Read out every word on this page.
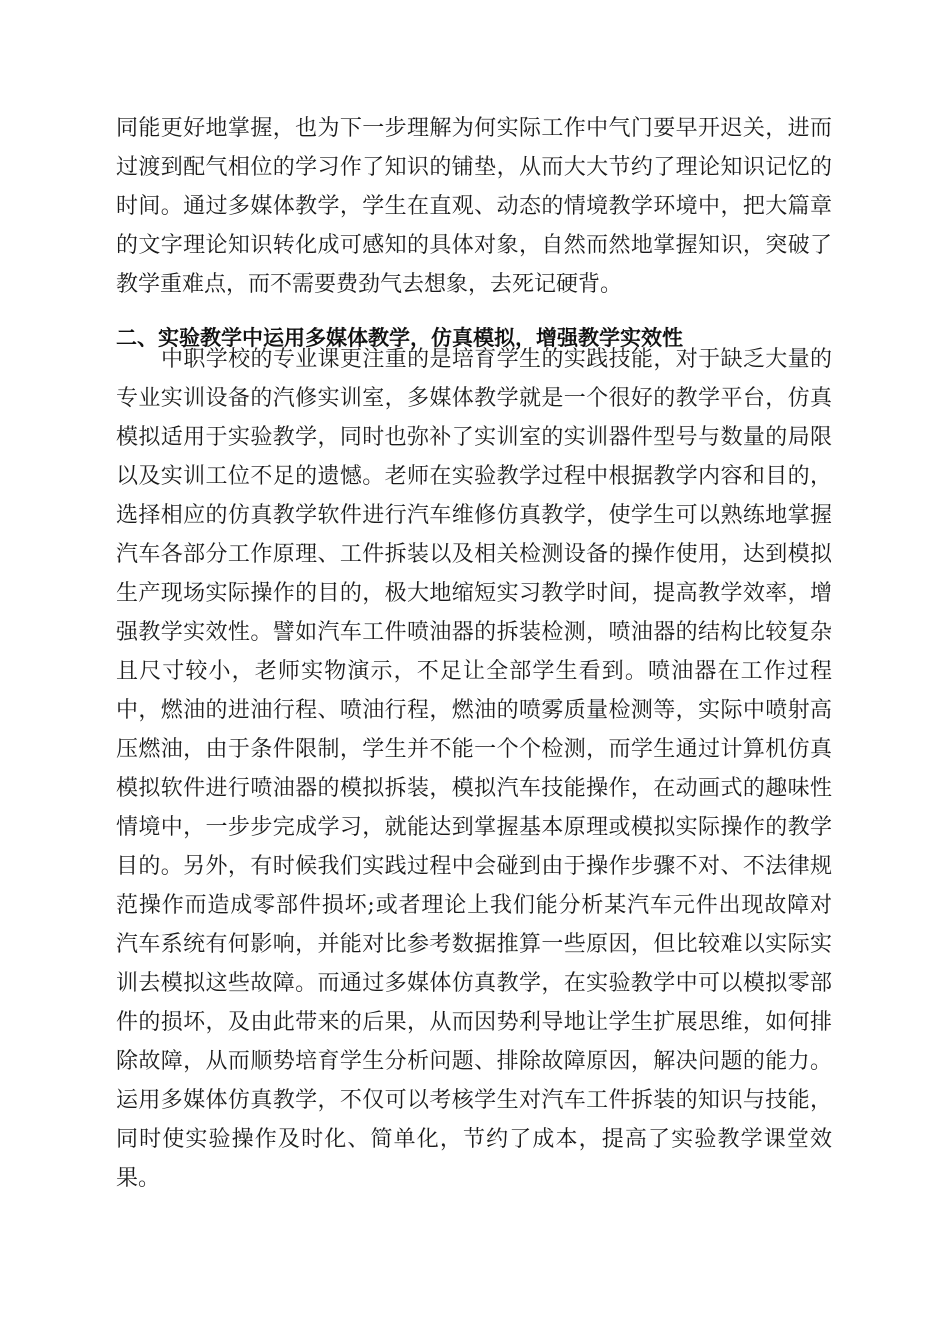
同能更好地掌握，也为下一步理解为何实际工作中气门要早开迟关，进而
过渡到配气相位的学习作了知识的铺垫，从而大大节约了理论知识记忆的
时间。通过多媒体教学，学生在直观、动态的情境教学环境中，把大篇章
的文字理论知识转化成可感知的具体对象，自然而然地掌握知识，突破了
教学重难点，而不需要费劲气去想象，去死记硬背。
二、实验教学中运用多媒体教学，仿真模拟，增强教学实效性
中职学校的专业课更注重的是培育学生的实践技能，对于缺乏大量的
专业实训设备的汽修实训室，多媒体教学就是一个很好的教学平台，仿真
模拟适用于实验教学，同时也弥补了实训室的实训器件型号与数量的局限
以及实训工位不足的遗憾。老师在实验教学过程中根据教学内容和目的，
选择相应的仿真教学软件进行汽车维修仿真教学，使学生可以熟练地掌握
汽车各部分工作原理、工件拆装以及相关检测设备的操作使用，达到模拟
生产现场实际操作的目的，极大地缩短实习教学时间，提高教学效率，增
强教学实效性。譬如汽车工件喷油器的拆装检测，喷油器的结构比较复杂
且尺寸较小，老师实物演示，不足让全部学生看到。喷油器在工作过程
中，燃油的进油行程、喷油行程，燃油的喷雾质量检测等，实际中喷射高
压燃油，由于条件限制，学生并不能一个个检测，而学生通过计算机仿真
模拟软件进行喷油器的模拟拆装，模拟汽车技能操作，在动画式的趣味性
情境中，一步步完成学习，就能达到掌握基本原理或模拟实际操作的教学
目的。另外，有时候我们实践过程中会碰到由于操作步骤不对、不法律规
范操作而造成零部件损坏;或者理论上我们能分析某汽车元件出现故障对
汽车系统有何影响，并能对比参考数据推算一些原因，但比较难以实际实
训去模拟这些故障。而通过多媒体仿真教学，在实验教学中可以模拟零部
件的损坏，及由此带来的后果，从而因势利导地让学生扩展思维，如何排
除故障，从而顺势培育学生分析问题、排除故障原因，解决问题的能力。
运用多媒体仿真教学，不仅可以考核学生对汽车工件拆装的知识与技能，
同时使实验操作及时化、简单化，节约了成本，提高了实验教学课堂效
果。
